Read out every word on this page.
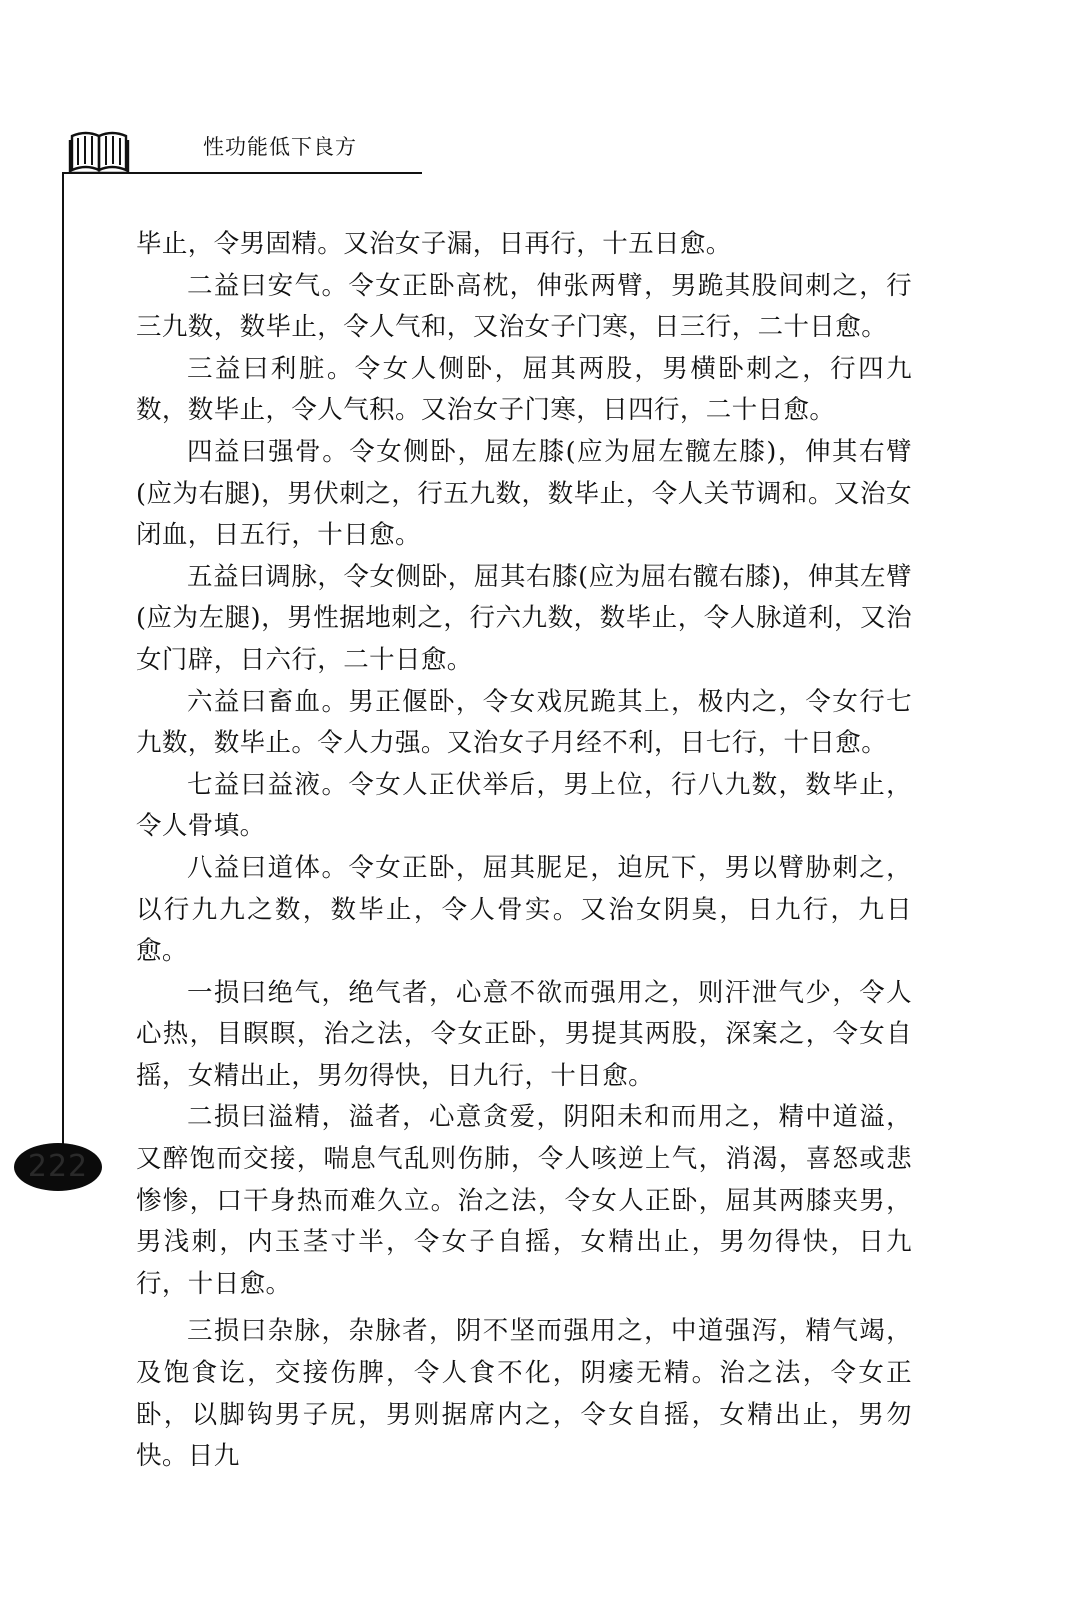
性功能低下良方
222

毕止，令男固精。又治女子漏，日再行，十五日愈。

二益曰安气。令女正卧高枕，伸张两臂，男跪其股间刺之，行三九数，数毕止，令人气和，又治女子门寒，日三行，二十日愈。

三益曰利脏。令女人侧卧，屈其两股，男横卧刺之，行四九数，数毕止，令人气积。又治女子门寒，日四行，二十日愈。

四益曰强骨。令女侧卧，屈左膝(应为屈左髋左膝)，伸其右臂(应为右腿)，男伏刺之，行五九数，数毕止，令人关节调和。又治女闭血，日五行，十日愈。

五益曰调脉，令女侧卧，屈其右膝(应为屈右髋右膝)，伸其左臂(应为左腿)，男性据地刺之，行六九数，数毕止，令人脉道利，又治女门辟，日六行，二十日愈。

六益曰畜血。男正偃卧，令女戏尻跪其上，极内之，令女行七九数，数毕止。令人力强。又治女子月经不利，日七行，十日愈。

七益曰益液。令女人正伏举后，男上位，行八九数，数毕止，令人骨填。

八益曰道体。令女正卧，屈其胒足，迫尻下，男以臂胁刺之，以行九九之数，数毕止，令人骨实。又治女阴臭，日九行，九日愈。

一损曰绝气，绝气者，心意不欲而强用之，则汗泄气少，令人心热，目瞑瞑，治之法，令女正卧，男提其两股，深案之，令女自摇，女精出止，男勿得快，日九行，十日愈。

二损曰溢精，溢者，心意贪爱，阴阳未和而用之，精中道溢，又醉饱而交接，喘息气乱则伤肺，令人咳逆上气，消渴，喜怒或悲惨惨，口干身热而难久立。治之法，令女人正卧，屈其两膝夹男，男浅刺，内玉茎寸半，令女子自摇，女精出止，男勿得快，日九行，十日愈。

三损曰杂脉，杂脉者，阴不坚而强用之，中道强泻，精气竭，及饱食讫，交接伤脾，令人食不化，阴痿无精。治之法，令女正卧，以脚钩男子尻，男则据席内之，令女自摇，女精出止，男勿快。日九
